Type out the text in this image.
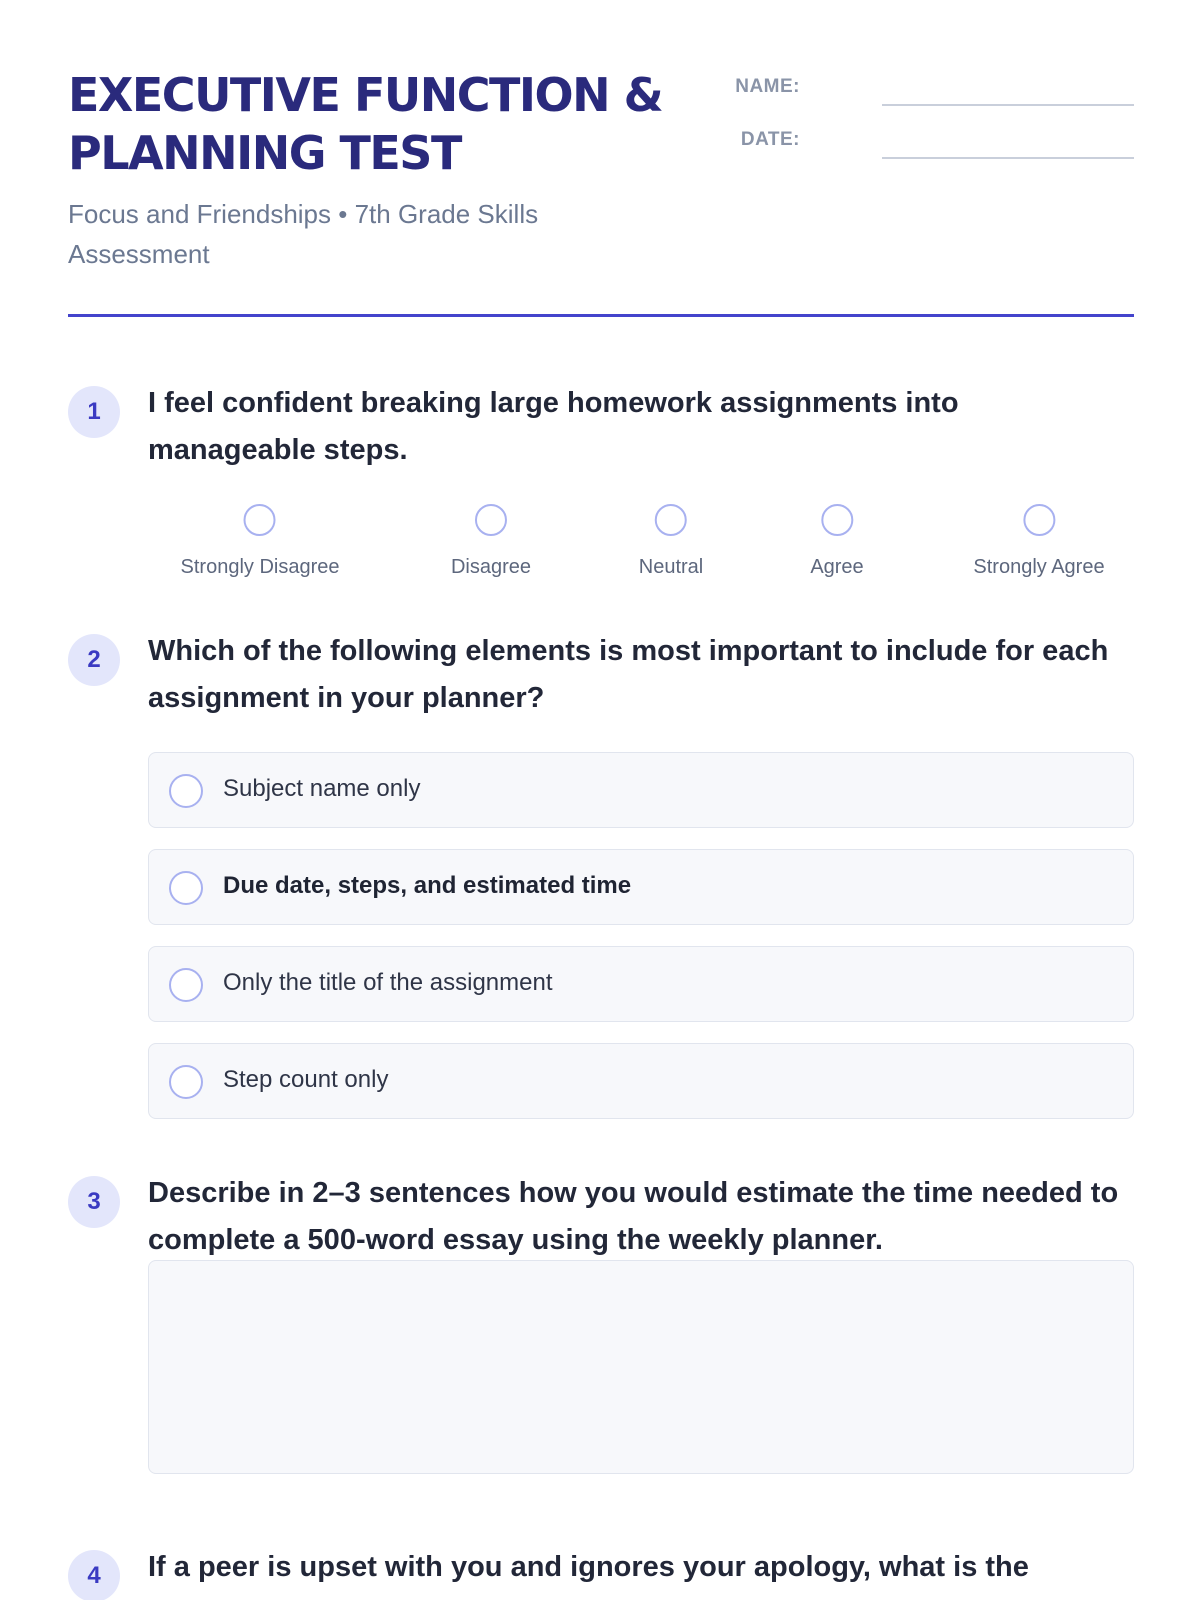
EXECUTIVE FUNCTION &
PLANNING TEST
Focus and Friendships • 7th Grade Skills Assessment
NAME:
DATE:
1	I feel confident breaking large homework assignments into manageable steps.
Strongly Disagree	Disagree	Neutral	Agree	Strongly Agree
2	Which of the following elements is most important to include for each assignment in your planner?
Subject name only
Due date, steps, and estimated time
Only the title of the assignment
Step count only
3	Describe in 2–3 sentences how you would estimate the time needed to complete a 500-word essay using the weekly planner.
4	If a peer is upset with you and ignores your apology, what is the
